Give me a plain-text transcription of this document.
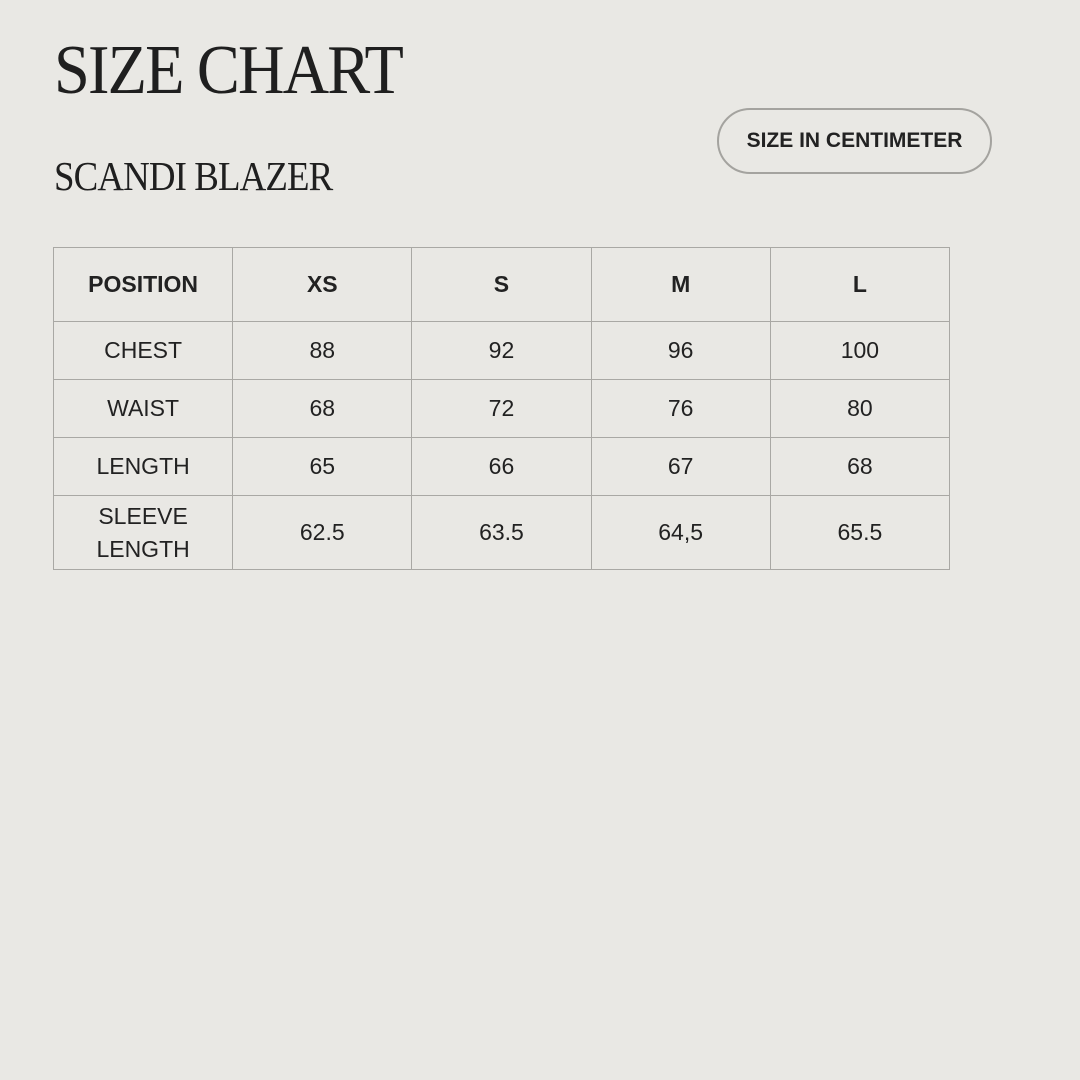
SIZE CHART
SCANDI BLAZER
SIZE IN CENTIMETER
POSITION	XS	S	M	L
CHEST	88	92	96	100
WAIST	68	72	76	80
LENGTH	65	66	67	68
SLEEVE LENGTH	62.5	63.5	64,5	65.5
